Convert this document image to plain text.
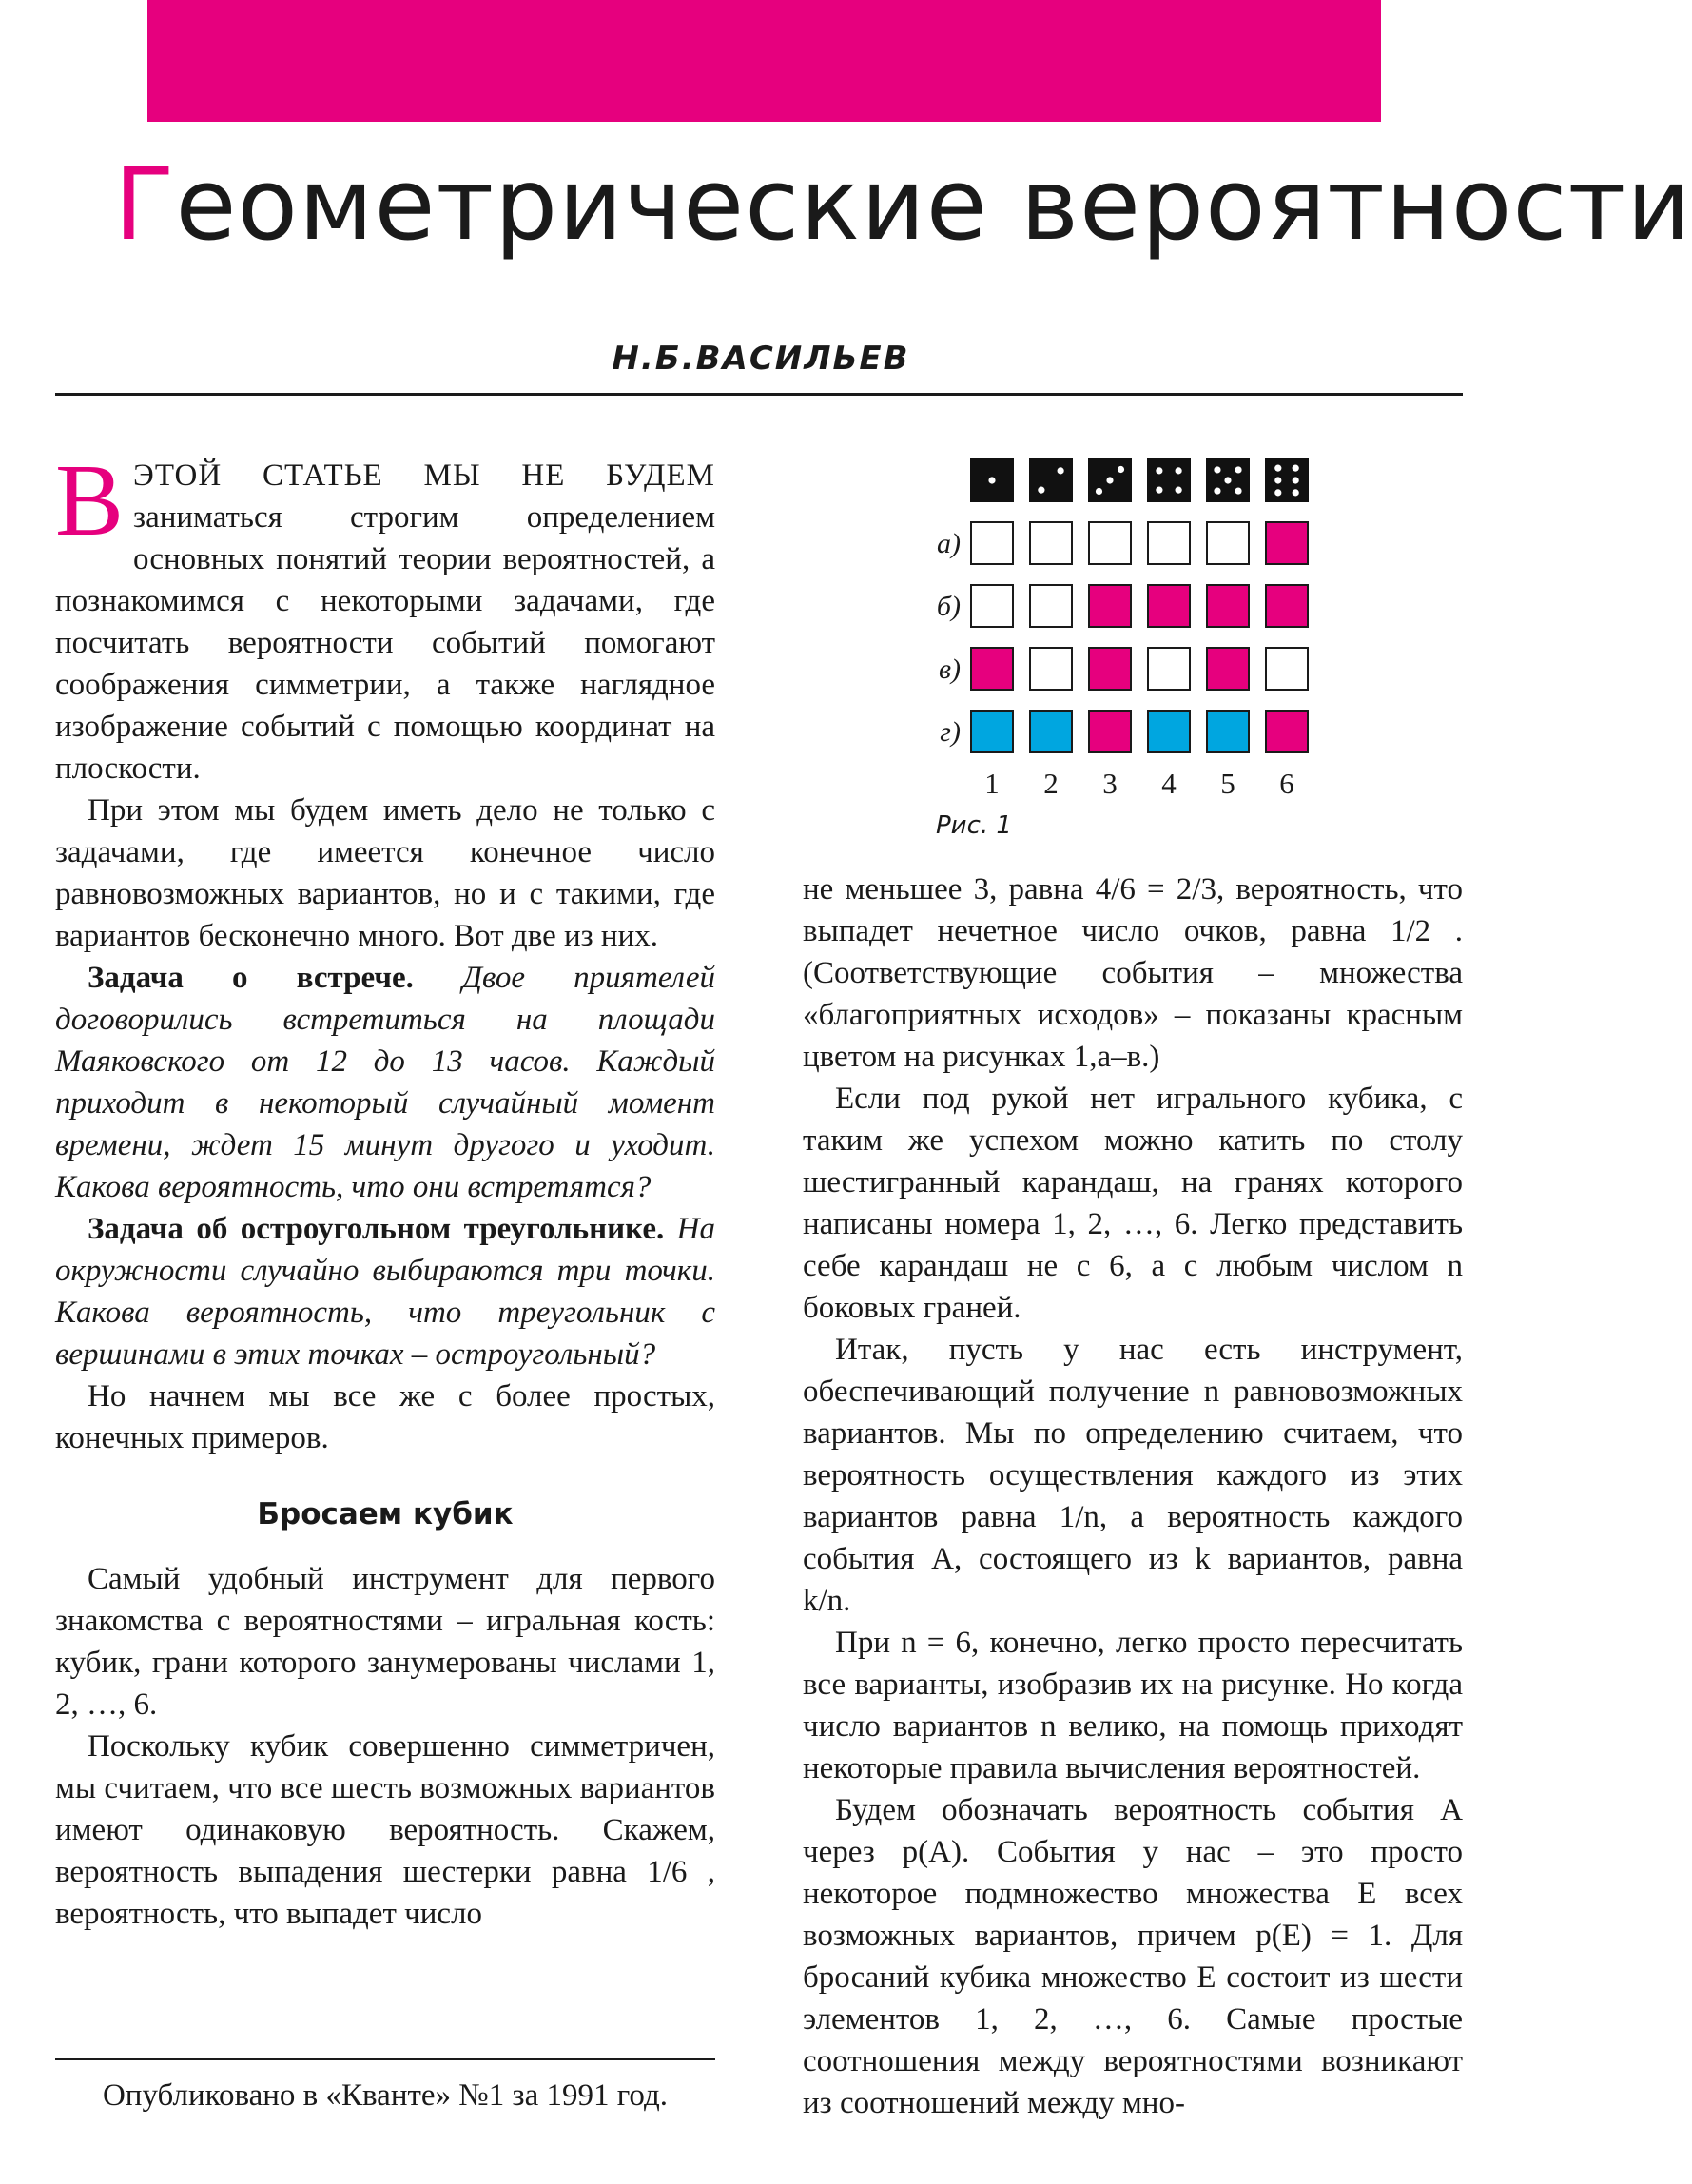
Геометрические вероятности
Н.Б.ВАСИЛЬЕВ

В ЭТОЙ СТАТЬЕ МЫ НЕ БУДЕМ заниматься строгим определением основных понятий теории вероятностей, а познакомимся с некоторыми задачами, где посчитать вероятности событий помогают соображения симметрии, а также наглядное изображение событий с помощью координат на плоскости.

При этом мы будем иметь дело не только с задачами, где имеется конечное число равновозможных вариантов, но и с такими, где вариантов бесконечно много. Вот две из них.

Задача о встрече. Двое приятелей договорились встретиться на площади Маяковского от 12 до 13 часов. Каждый приходит в некоторый случайный момент времени, ждет 15 минут другого и уходит. Какова вероятность, что они встретятся?

Задача об остроугольном треугольнике. На окружности случайно выбираются три точки. Какова вероятность, что треугольник с вершинами в этих точках – остроугольный?

Но начнем мы все же с более простых, конечных примеров.

Бросаем кубик

Самый удобный инструмент для первого знакомства с вероятностями – игральная кость: кубик, грани которого занумерованы числами 1, 2, …, 6.

Поскольку кубик совершенно симметричен, мы считаем, что все шесть возможных вариантов имеют одинаковую вероятность. Скажем, вероятность выпадения шестерки равна 1/6 , вероятность, что выпадет число

Опубликовано в «Кванте» №1 за 1991 год.
а)
б)
в)
г)
1 2 3 4 5 6
Рис. 1

не меньшее 3, равна 4/6 = 2/3, вероятность, что выпадет нечетное число очков, равна 1/2 . (Соответствующие события – множества «благоприятных исходов» – показаны красным цветом на рисунках 1,а–в.)

Если под рукой нет игрального кубика, с таким же успехом можно катить по столу шестигранный карандаш, на гранях которого написаны номера 1, 2, …, 6. Легко представить себе карандаш не с 6, а с любым числом n боковых граней.

Итак, пусть у нас есть инструмент, обеспечивающий получение n равновозможных вариантов. Мы по определению считаем, что вероятность осуществления каждого из этих вариантов равна 1/n, а вероятность каждого события A, состоящего из k вариантов, равна k/n.

При n = 6, конечно, легко просто пересчитать все варианты, изобразив их на рисунке. Но когда число вариантов n велико, на помощь приходят некоторые правила вычисления вероятностей.

Будем обозначать вероятность события A через p(A). События у нас – это просто некоторое подмножество множества E всех возможных вариантов, причем p(E) = 1. Для бросаний кубика множество E состоит из шести элементов 1, 2, …, 6. Самые простые соотношения между вероятностями возникают из соотношений между мно-
